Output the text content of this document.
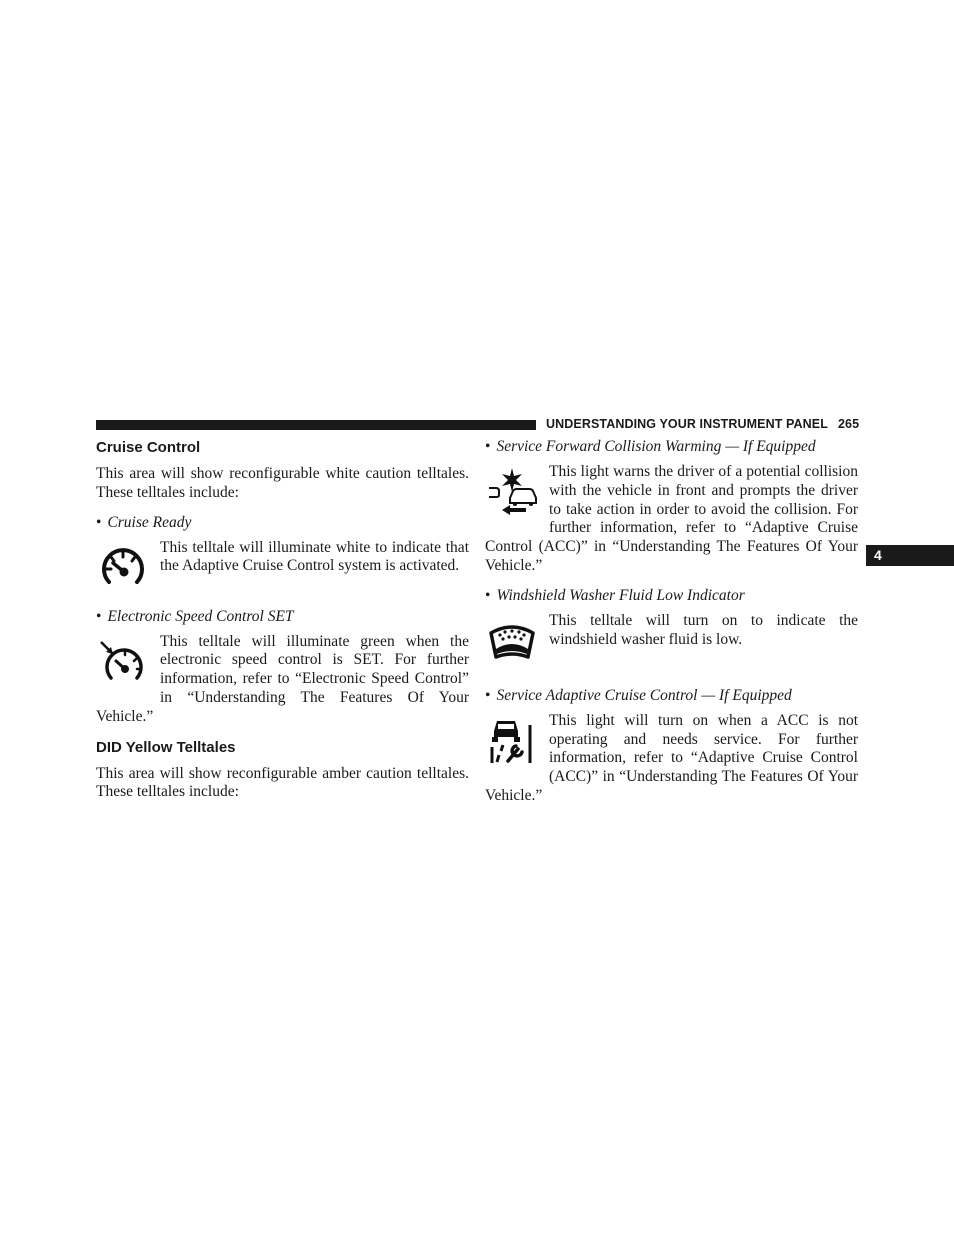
UNDERSTANDING YOUR INSTRUMENT PANEL 265
4
Cruise Control

This area will show reconfigurable white caution telltales. These telltales include:

• Cruise Ready
This telltale will illuminate white to indicate that the Adaptive Cruise Control system is activated.
• Electronic Speed Control SET
This telltale will illuminate green when the electronic speed control is SET. For further information, refer to “Electronic Speed Control” in “Understanding The Features Of Your Vehicle.”
DID Yellow Telltales

This area will show reconfigurable amber caution telltales. These telltales include:

• Service Forward Collision Warming — If Equipped
This light warns the driver of a potential collision with the vehicle in front and prompts the driver to take action in order to avoid the collision. For further information, refer to “Adaptive Cruise Control (ACC)” in “Understanding The Features Of Your Vehicle.”
• Windshield Washer Fluid Low Indicator
This telltale will turn on to indicate the windshield washer fluid is low.
• Service Adaptive Cruise Control — If Equipped
This light will turn on when a ACC is not operating and needs service. For further information, refer to “Adaptive Cruise Control (ACC)” in “Understanding The Features Of Your Vehicle.”
